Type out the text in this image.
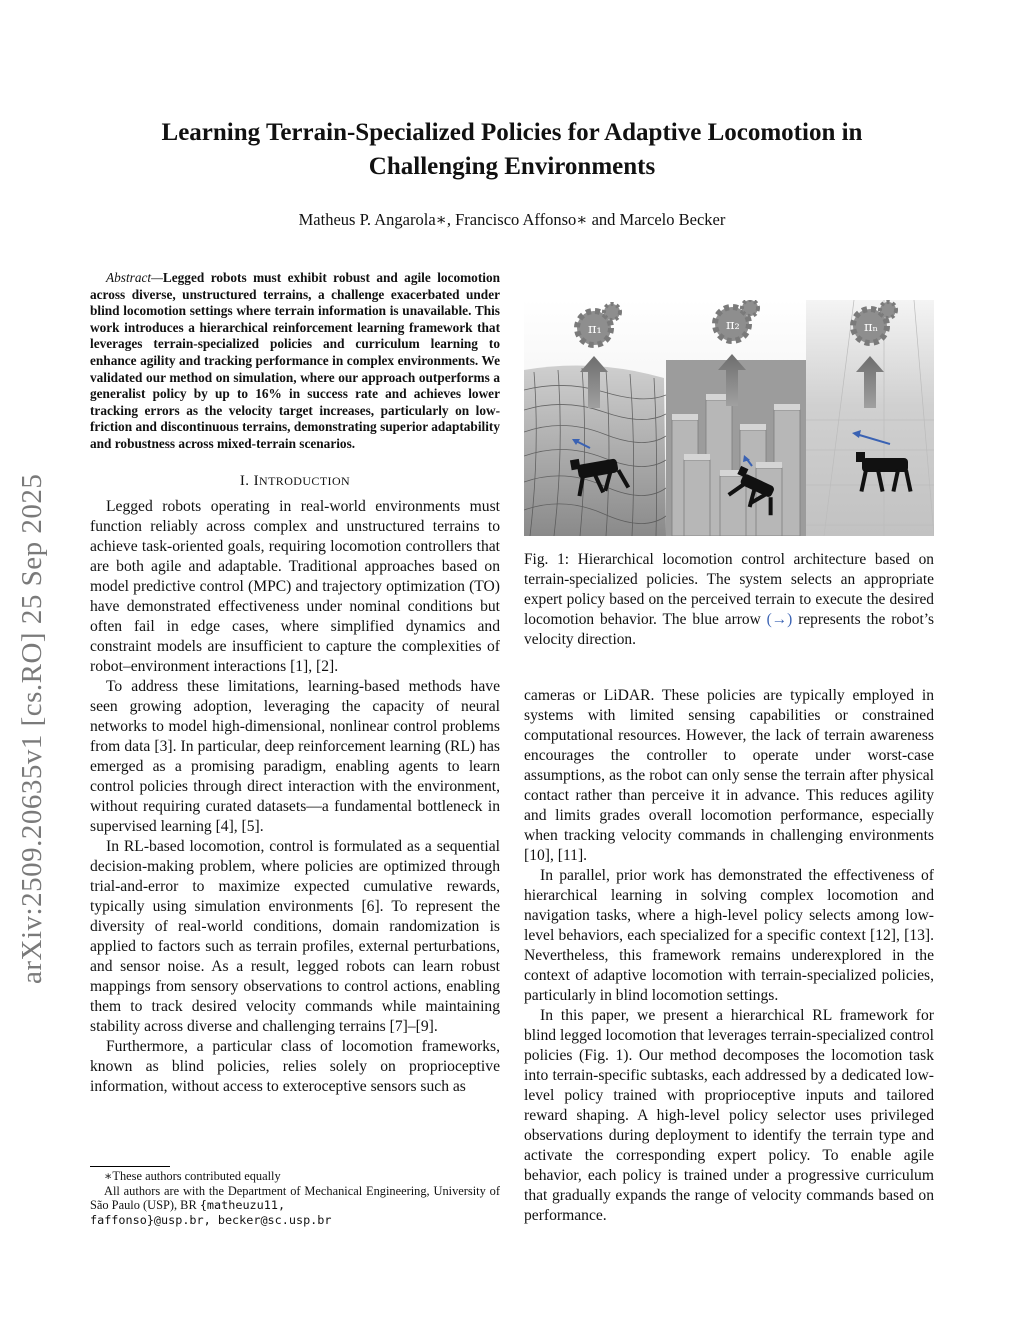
arXiv:2509.20635v1 [cs.RO] 25 Sep 2025
Learning Terrain-Specialized Policies for Adaptive Locomotion in Challenging Environments
Matheus P. Angarola∗, Francisco Affonso∗ and Marcelo Becker

Abstract—Legged robots must exhibit robust and agile locomotion across diverse, unstructured terrains, a challenge exacerbated under blind locomotion settings where terrain information is unavailable. This work introduces a hierarchical reinforcement learning framework that leverages terrain-specialized policies and curriculum learning to enhance agility and tracking performance in complex environments. We validated our method on simulation, where our approach outperforms a generalist policy by up to 16% in success rate and achieves lower tracking errors as the velocity target increases, particularly on low-friction and discontinuous terrains, demonstrating superior adaptability and robustness across mixed-terrain scenarios.

I. INTRODUCTION

Legged robots operating in real-world environments must function reliably across complex and unstructured terrains to achieve task-oriented goals, requiring locomotion controllers that are both agile and adaptable. Traditional approaches based on model predictive control (MPC) and trajectory optimization (TO) have demonstrated effectiveness under nominal conditions but often fail in edge cases, where simplified dynamics and constraint models are insufficient to capture the complexities of robot–environment interactions [1], [2].

To address these limitations, learning-based methods have seen growing adoption, leveraging the capacity of neural networks to model high-dimensional, nonlinear control problems from data [3]. In particular, deep reinforcement learning (RL) has emerged as a promising paradigm, enabling agents to learn control policies through direct interaction with the environment, without requiring curated datasets—a fundamental bottleneck in supervised learning [4], [5].

In RL-based locomotion, control is formulated as a sequential decision-making problem, where policies are optimized through trial-and-error to maximize expected cumulative rewards, typically using simulation environments [6]. To represent the diversity of real-world conditions, domain randomization is applied to factors such as terrain profiles, external perturbations, and sensor noise. As a result, legged robots can learn robust mappings from sensory observations to control actions, enabling them to track desired velocity commands while maintaining stability across diverse and challenging terrains [7]–[9].

Furthermore, a particular class of locomotion frameworks, known as blind policies, relies solely on proprioceptive information, without access to exteroceptive sensors such as

π₁	π₂	πₙ
Fig. 1: Hierarchical locomotion control architecture based on terrain-specialized policies. The system selects an appropriate expert policy based on the perceived terrain to execute the desired locomotion behavior. The blue arrow (→) represents the robot’s velocity direction.

cameras or LiDAR. These policies are typically employed in systems with limited sensing capabilities or constrained computational resources. However, the lack of terrain awareness encourages the controller to operate under worst-case assumptions, as the robot can only sense the terrain after physical contact rather than perceive it in advance. This reduces agility and limits grades overall locomotion performance, especially when tracking velocity commands in challenging environments [10], [11].

In parallel, prior work has demonstrated the effectiveness of hierarchical learning in solving complex locomotion and navigation tasks, where a high-level policy selects among low-level behaviors, each specialized for a specific context [12], [13]. Nevertheless, this framework remains underexplored in the context of adaptive locomotion with terrain-specialized policies, particularly in blind locomotion settings.

In this paper, we present a hierarchical RL framework for blind legged locomotion that leverages terrain-specialized control policies (Fig. 1). Our method decomposes the locomotion task into terrain-specific subtasks, each addressed by a dedicated low-level policy trained with proprioceptive inputs and tailored reward shaping. A high-level policy selector uses privileged observations during deployment to identify the terrain type and activate the corresponding expert policy. To enable agile behavior, each policy is trained under a progressive curriculum that gradually expands the range of velocity commands based on performance.

∗These authors contributed equally
All authors are with the Department of Mechanical Engineering, University of São Paulo (USP), BR {matheuzu11,
faffonso}@usp.br, becker@sc.usp.br
